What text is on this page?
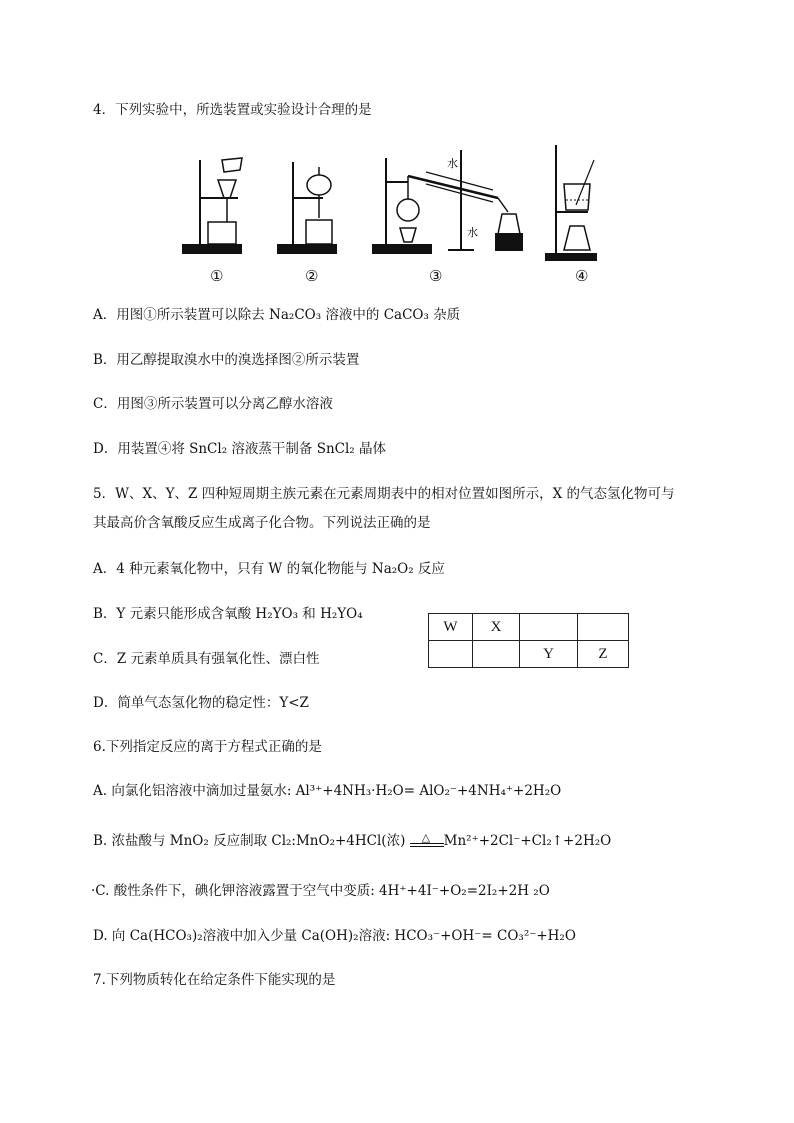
4．下列实验中，所选装置或实验设计合理的是
水
水
①	②	③	④
A．用图①所示装置可以除去 Na₂CO₃ 溶液中的 CaCO₃ 杂质
B．用乙醇提取溴水中的溴选择图②所示装置
C．用图③所示装置可以分离乙醇水溶液
D．用装置④将 SnCl₂ 溶液蒸干制备 SnCl₂ 晶体
5．W、X、Y、Z 四种短周期主族元素在元素周期表中的相对位置如图所示，X 的气态氢化物可与
其最高价含氧酸反应生成离子化合物。下列说法正确的是
A．4 种元素氧化物中，只有 W 的氧化物能与 Na₂O₂ 反应
B．Y 元素只能形成含氧酸 H₂YO₃ 和 H₂YO₄
C．Z 元素单质具有强氧化性、漂白性
D．简单气态氢化物的稳定性：Y<Z
W	X		
		Y	Z
6.下列指定反应的离于方程式正确的是
A. 向氯化铝溶液中滴加过量氨水: Al³⁺+4NH₃·H₂O= AlO₂⁻+4NH₄⁺+2H₂O
B. 浓盐酸与 MnO₂ 反应制取 Cl₂:MnO₂+4HCl(浓) △ Mn²⁺+2Cl⁻+Cl₂↑+2H₂O
·C. 酸性条件下，碘化钾溶液露置于空气中变质: 4H⁺+4I⁻+O₂=2I₂+2H ₂O
D. 向 Ca(HCO₃)₂溶液中加入少量 Ca(OH)₂溶液: HCO₃⁻+OH⁻= CO₃²⁻+H₂O
7.下列物质转化在给定条件下能实现的是
